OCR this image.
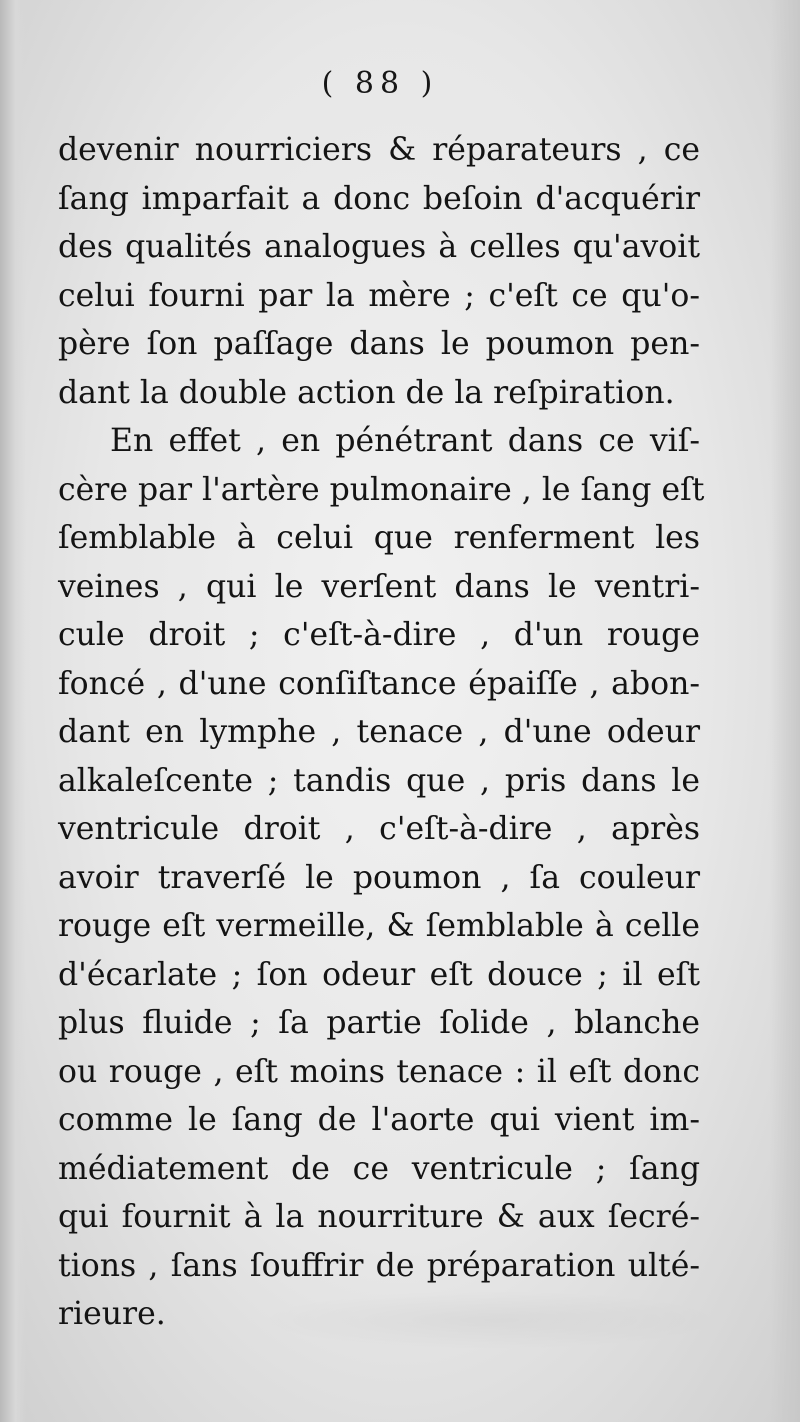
( 88 )
devenir nourriciers & réparateurs , ce
ſang imparfait a donc beſoin d'acquérir
des qualités analogues à celles qu'avoit
celui fourni par la mère ; c'eſt ce qu'o-
père ſon paſſage dans le poumon pen-
dant la double action de la reſpiration.
En effet , en pénétrant dans ce viſ-
cère par l'artère pulmonaire , le ſang eſt
ſemblable à celui que renferment les
veines , qui le verſent dans le ventri-
cule droit ; c'eſt-à-dire , d'un rouge
foncé , d'une conſiſtance épaiſſe , abon-
dant en lymphe , tenace , d'une odeur
alkaleſcente ; tandis que , pris dans le
ventricule droit , c'eſt-à-dire , après
avoir traverſé le poumon , ſa couleur
rouge eſt vermeille, & ſemblable à celle
d'écarlate ; ſon odeur eſt douce ; il eſt
plus fluide ; ſa partie ſolide , blanche
ou rouge , eſt moins tenace : il eſt donc
comme le ſang de l'aorte qui vient im-
médiatement de ce ventricule ; ſang
qui fournit à la nourriture & aux ſecré-
tions , ſans ſouffrir de préparation ulté-
rieure.
